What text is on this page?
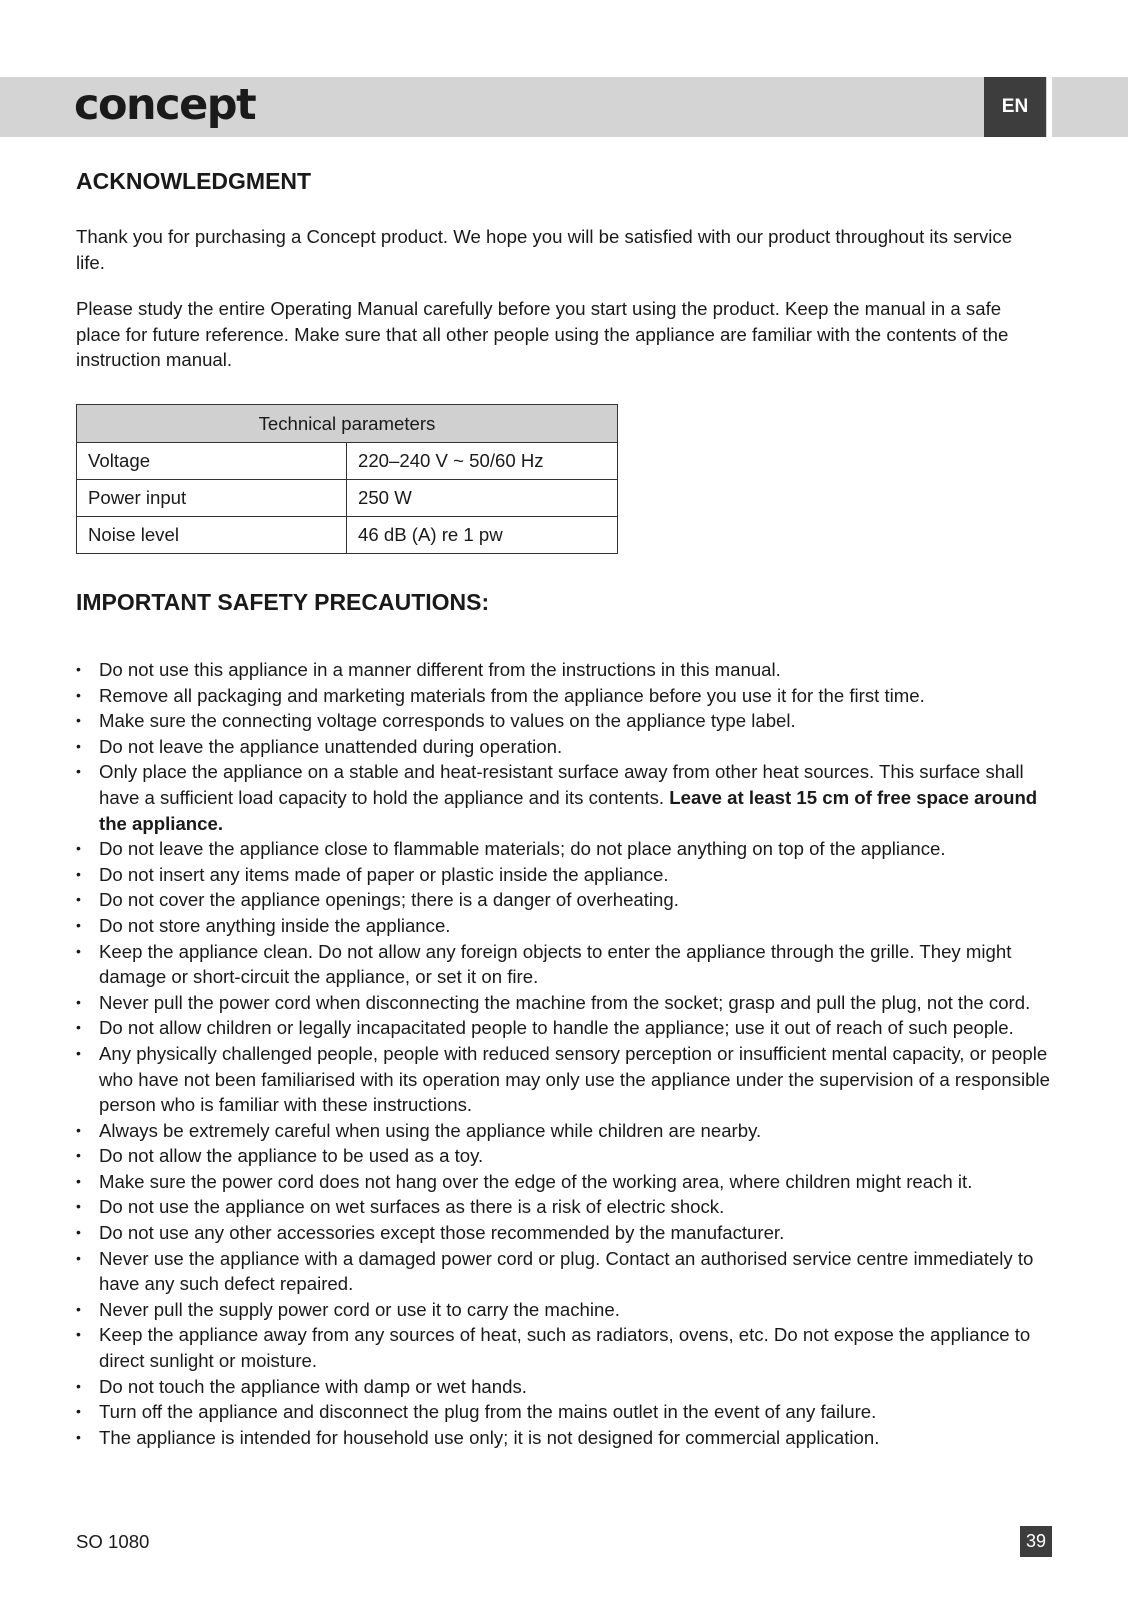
concept	EN
ACKNOWLEDGMENT

Thank you for purchasing a Concept product. We hope you will be satisfied with our product throughout its service life.

Please study the entire Operating Manual carefully before you start using the product. Keep the manual in a safe place for future reference. Make sure that all other people using the appliance are familiar with the contents of the instruction manual.

Technical parameters	
Voltage	220–240 V ~ 50/60 Hz
Power input	250 W
Noise level	46 dB (A) re 1 pw
IMPORTANT SAFETY PRECAUTIONS:
• Do not use this appliance in a manner different from the instructions in this manual.
• Remove all packaging and marketing materials from the appliance before you use it for the first time.
• Make sure the connecting voltage corresponds to values on the appliance type label.
• Do not leave the appliance unattended during operation.
• Only place the appliance on a stable and heat-resistant surface away from other heat sources. This surface shall have a sufficient load capacity to hold the appliance and its contents. Leave at least 15 cm of free space around the appliance.
• Do not leave the appliance close to flammable materials; do not place anything on top of the appliance.
• Do not insert any items made of paper or plastic inside the appliance.
• Do not cover the appliance openings; there is a danger of overheating.
• Do not store anything inside the appliance.
• Keep the appliance clean. Do not allow any foreign objects to enter the appliance through the grille. They might damage or short-circuit the appliance, or set it on fire.
• Never pull the power cord when disconnecting the machine from the socket; grasp and pull the plug, not the cord.
• Do not allow children or legally incapacitated people to handle the appliance; use it out of reach of such people.
• Any physically challenged people, people with reduced sensory perception or insufficient mental capacity, or people who have not been familiarised with its operation may only use the appliance under the supervision of a responsible person who is familiar with these instructions.
• Always be extremely careful when using the appliance while children are nearby.
• Do not allow the appliance to be used as a toy.
• Make sure the power cord does not hang over the edge of the working area, where children might reach it.
• Do not use the appliance on wet surfaces as there is a risk of electric shock.
• Do not use any other accessories except those recommended by the manufacturer.
• Never use the appliance with a damaged power cord or plug. Contact an authorised service centre immediately to have any such defect repaired.
• Never pull the supply power cord or use it to carry the machine.
• Keep the appliance away from any sources of heat, such as radiators, ovens, etc. Do not expose the appliance to direct sunlight or moisture.
• Do not touch the appliance with damp or wet hands.
• Turn off the appliance and disconnect the plug from the mains outlet in the event of any failure.
• The appliance is intended for household use only; it is not designed for commercial application.
SO 1080	39
